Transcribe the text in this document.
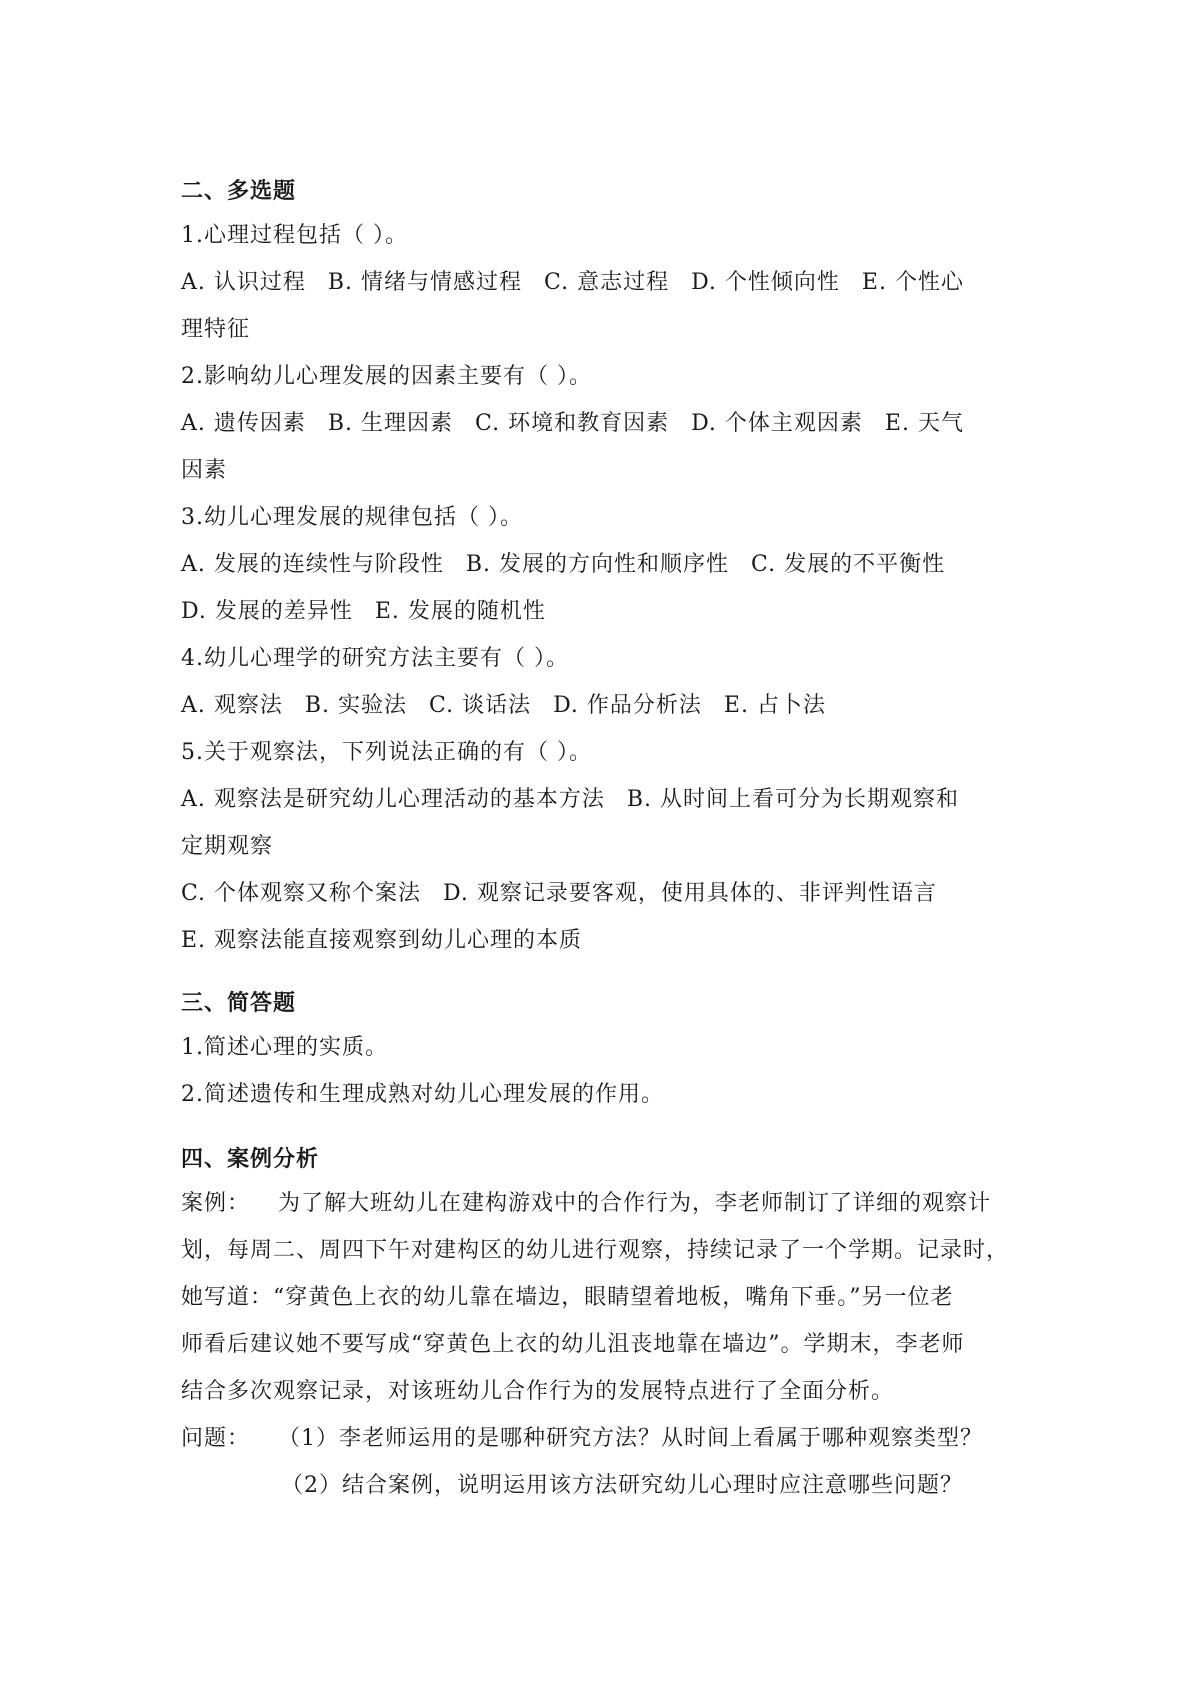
二、多选题
1.心理过程包括（ ）。
A. 认识过程 B. 情绪与情感过程 C. 意志过程 D. 个性倾向性 E. 个性心
理特征
2.影响幼儿心理发展的因素主要有（ ）。
A. 遗传因素 B. 生理因素 C. 环境和教育因素 D. 个体主观因素 E. 天气
因素
3.幼儿心理发展的规律包括（ ）。
A. 发展的连续性与阶段性 B. 发展的方向性和顺序性 C. 发展的不平衡性
D. 发展的差异性 E. 发展的随机性
4.幼儿心理学的研究方法主要有（ ）。
A. 观察法 B. 实验法 C. 谈话法 D. 作品分析法 E. 占卜法
5.关于观察法，下列说法正确的有（ ）。
A. 观察法是研究幼儿心理活动的基本方法 B. 从时间上看可分为长期观察和
定期观察
C. 个体观察又称个案法 D. 观察记录要客观，使用具体的、非评判性语言
E. 观察法能直接观察到幼儿心理的本质
三、简答题
1.简述心理的实质。
2.简述遗传和生理成熟对幼儿心理发展的作用。
四、案例分析
案例： 为了解大班幼儿在建构游戏中的合作行为，李老师制订了详细的观察计
划，每周二、周四下午对建构区的幼儿进行观察，持续记录了一个学期。记录时，
她写道：“穿黄色上衣的幼儿靠在墙边，眼睛望着地板，嘴角下垂。”另一位老
师看后建议她不要写成“穿黄色上衣的幼儿沮丧地靠在墙边”。学期末，李老师
结合多次观察记录，对该班幼儿合作行为的发展特点进行了全面分析。
问题： （1）李老师运用的是哪种研究方法？从时间上看属于哪种观察类型？
（2）结合案例，说明运用该方法研究幼儿心理时应注意哪些问题？
